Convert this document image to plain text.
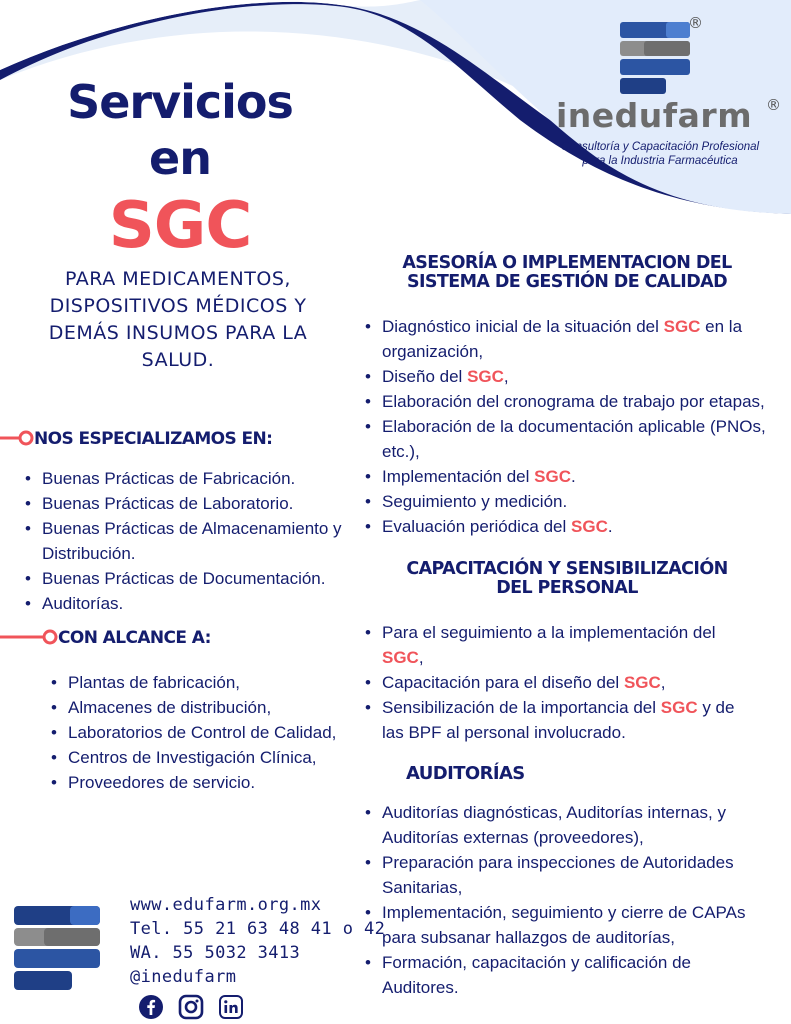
®
inedufarm ®
Consultoría y Capacitación Profesional
para la Industria Farmacéutica
Servicios
en
SGC
PARA MEDICAMENTOS,
DISPOSITIVOS MÉDICOS Y
DEMÁS INSUMOS PARA LA
SALUD.
NOS ESPECIALIZAMOS EN:
• Buenas Prácticas de Fabricación.
• Buenas Prácticas de Laboratorio.
• Buenas Prácticas de Almacenamiento y Distribución.
• Buenas Prácticas de Documentación.
• Auditorías.
CON ALCANCE A:
• Plantas de fabricación,
• Almacenes de distribución,
• Laboratorios de Control de Calidad,
• Centros de Investigación Clínica,
• Proveedores de servicio.
www.edufarm.org.mx
Tel. 55 21 63 48 41 o 42
WA. 55 5032 3413
@inedufarm
ASESORÍA O IMPLEMENTACION DEL
SISTEMA DE GESTIÓN DE CALIDAD
• Diagnóstico inicial de la situación del SGC en la organización,
• Diseño del SGC,
• Elaboración del cronograma de trabajo por etapas,
• Elaboración de la documentación aplicable (PNOs, etc.),
• Implementación del SGC.
• Seguimiento y medición.
• Evaluación periódica del SGC.
CAPACITACIÓN Y SENSIBILIZACIÓN
DEL PERSONAL
• Para el seguimiento a la implementación del SGC,
• Capacitación para el diseño del SGC,
• Sensibilización de la importancia del SGC y de las BPF al personal involucrado.
AUDITORÍAS
• Auditorías diagnósticas, Auditorías internas, y Auditorías externas (proveedores),
• Preparación para inspecciones de Autoridades Sanitarias,
• Implementación, seguimiento y cierre de CAPAs para subsanar hallazgos de auditorías,
• Formación, capacitación y calificación de Auditores.
